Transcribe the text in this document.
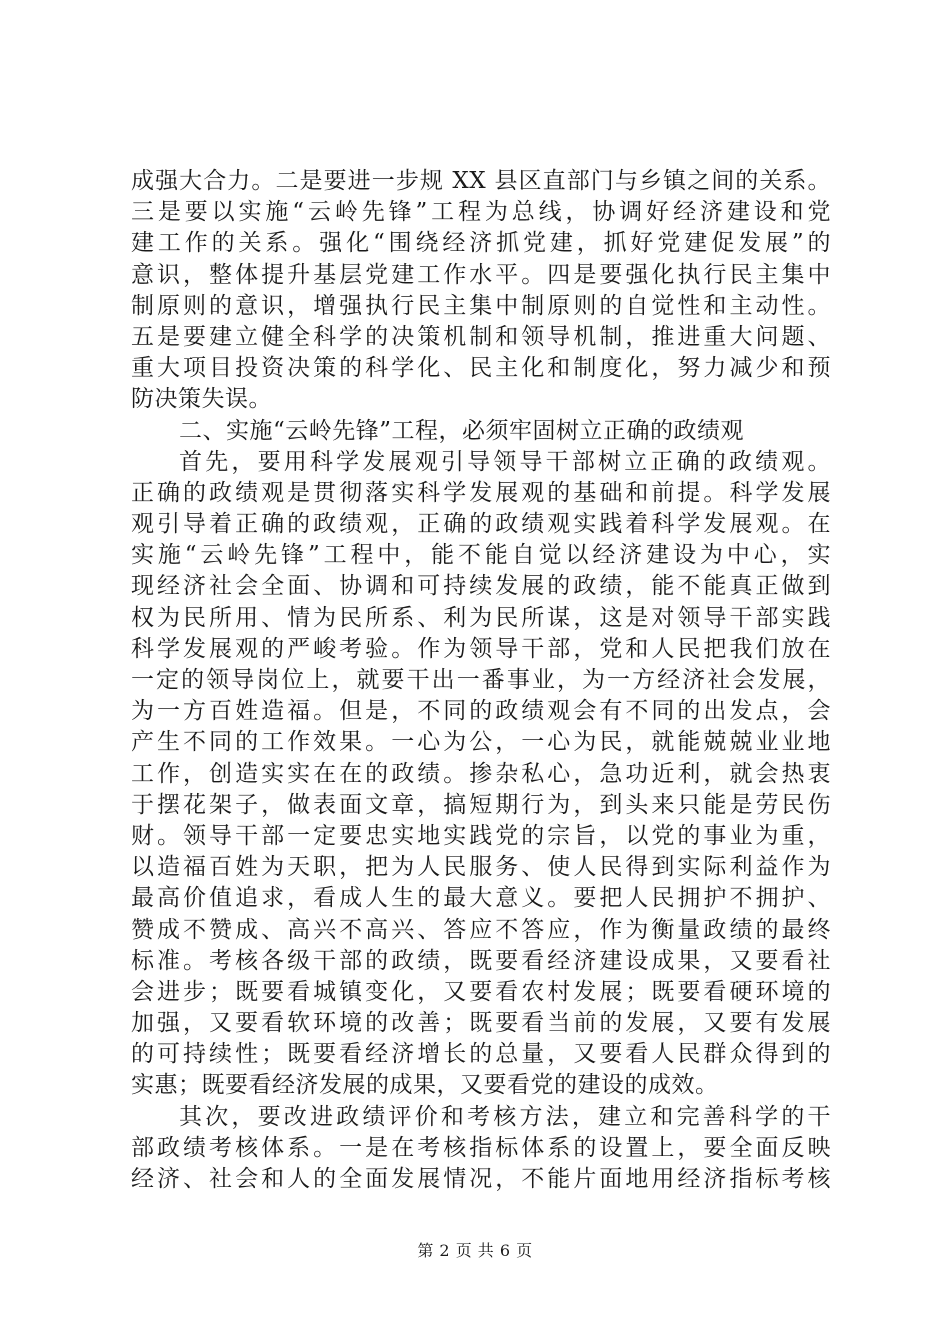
成强大合力。二是要进一步规 XX 县区直部门与乡镇之间的关系。
三是要以实施“云岭先锋”工程为总线，协调好经济建设和党
建工作的关系。强化“围绕经济抓党建，抓好党建促发展”的
意识，整体提升基层党建工作水平。四是要强化执行民主集中
制原则的意识，增强执行民主集中制原则的自觉性和主动性。
五是要建立健全科学的决策机制和领导机制，推进重大问题、
重大项目投资决策的科学化、民主化和制度化，努力减少和预
防决策失误。
二、实施“云岭先锋”工程，必须牢固树立正确的政绩观
首先，要用科学发展观引导领导干部树立正确的政绩观。
正确的政绩观是贯彻落实科学发展观的基础和前提。科学发展
观引导着正确的政绩观，正确的政绩观实践着科学发展观。在
实施“云岭先锋”工程中，能不能自觉以经济建设为中心，实
现经济社会全面、协调和可持续发展的政绩，能不能真正做到
权为民所用、情为民所系、利为民所谋，这是对领导干部实践
科学发展观的严峻考验。作为领导干部，党和人民把我们放在
一定的领导岗位上，就要干出一番事业，为一方经济社会发展，
为一方百姓造福。但是，不同的政绩观会有不同的出发点，会
产生不同的工作效果。一心为公，一心为民，就能兢兢业业地
工作，创造实实在在的政绩。掺杂私心，急功近利，就会热衷
于摆花架子，做表面文章，搞短期行为，到头来只能是劳民伤
财。领导干部一定要忠实地实践党的宗旨，以党的事业为重，
以造福百姓为天职，把为人民服务、使人民得到实际利益作为
最高价值追求，看成人生的最大意义。要把人民拥护不拥护、
赞成不赞成、高兴不高兴、答应不答应，作为衡量政绩的最终
标准。考核各级干部的政绩，既要看经济建设成果，又要看社
会进步；既要看城镇变化，又要看农村发展；既要看硬环境的
加强，又要看软环境的改善；既要看当前的发展，又要有发展
的可持续性；既要看经济增长的总量，又要看人民群众得到的
实惠；既要看经济发展的成果，又要看党的建设的成效。
其次，要改进政绩评价和考核方法，建立和完善科学的干
部政绩考核体系。一是在考核指标体系的设置上，要全面反映
经济、社会和人的全面发展情况，不能片面地用经济指标考核
第 2 页 共 6 页
